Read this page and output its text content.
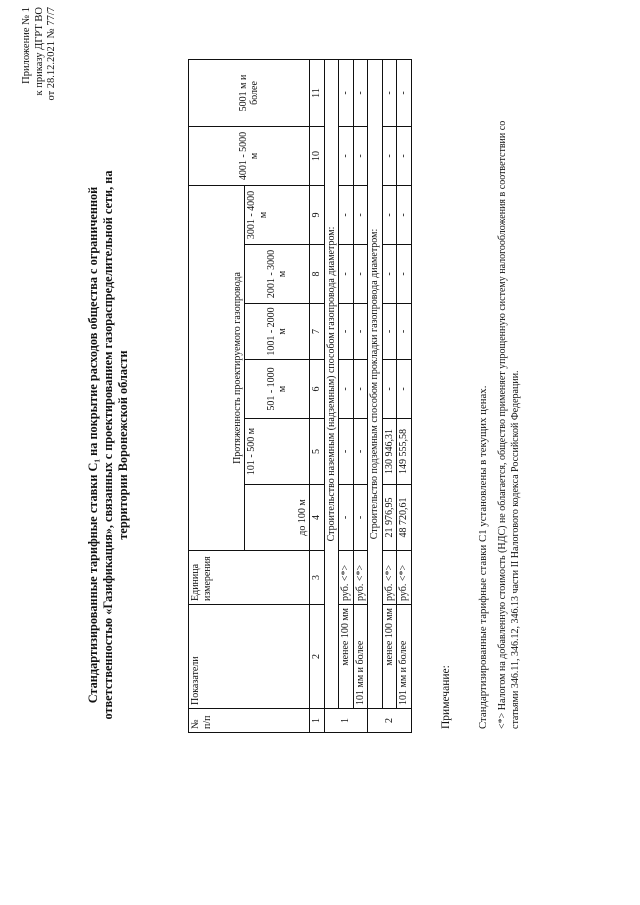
Приложение № 1 к приказу ДГРТ ВО от 28.12.2021 № 77/7
Стандартизированные тарифные ставки С₁ на покрытие расходов общества с ограниченной ответственностью «Газификация», связанных с проектированием газораспределительной сети, на территории Воронежской области
№ п/п	Показатели	Единица измерения	Протяженность проектируемого газопровода						4001 - 5000 м	5001 м и более
			до 100 м	101 - 500 м	501 - 1000 м	1001 - 2000 м	2001 - 3000 м	3001 - 4000 м		
1	2	3	4	5	6	7	8	9	10	11
1	Строительство наземным (надземным) способом газопровода диаметром:									
	менее 100 мм	руб. <*>	-	-	-	-	-	-	-	-
	101 мм и более	руб. <*>	-	-	-	-	-	-	-	-
2	Строительство подземным способом прокладки газопровода диаметром:									
	менее 100 мм	руб. <*>	21 976,95	130 946,31	-	-	-	-	-	-
	101 мм и более	руб. <*>	48 720,61	149 555,58	-	-	-	-	-	-
Примечание: Стандартизированные тарифные ставки С1 установлены в текущих ценах. <*> Налогом на добавленную стоимость (НДС) не облагается, общество применяет упрощенную систему налогообложения в соответствии со статьями 346.11, 346.12, 346.13 части II Налогового кодекса Российской Федерации.
